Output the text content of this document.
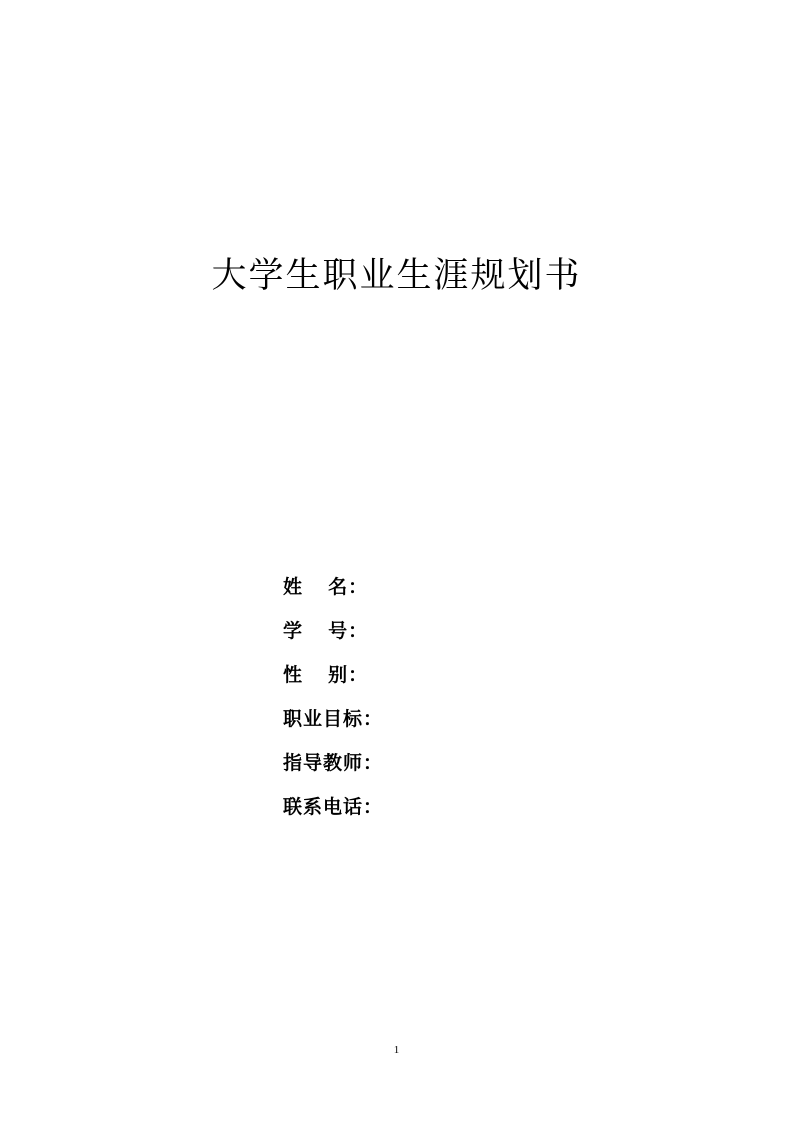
大学生职业生涯规划书
姓    名：
学    号：
性    别：
职业目标：
指导教师：
联系电话：
1
